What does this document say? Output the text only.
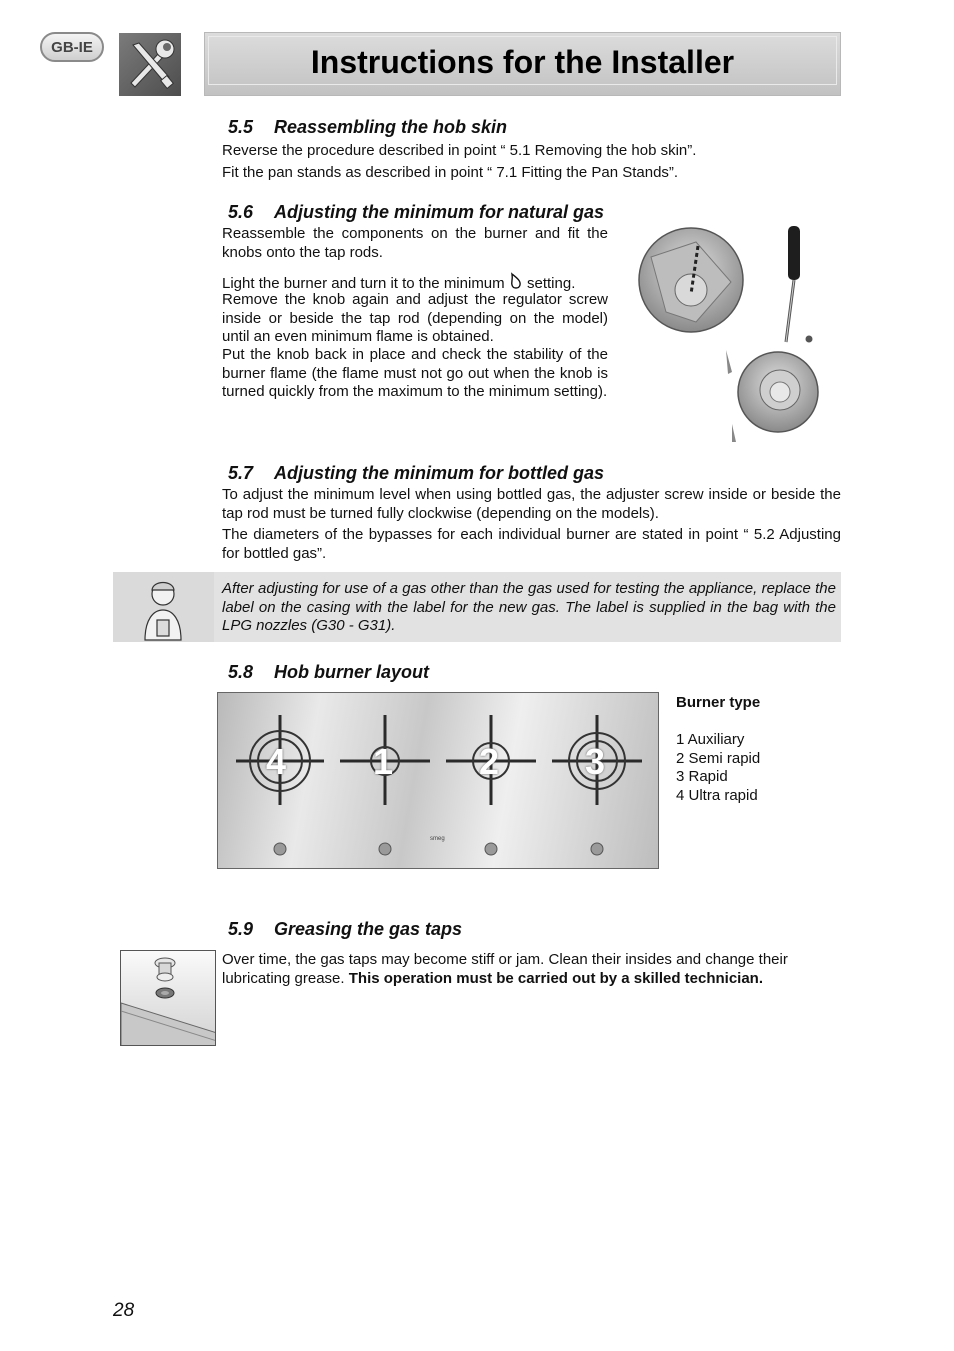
GB-IE	Instructions for the Installer
5.5 Reassembling the hob skin
Reverse the procedure described in point “ 5.1 Removing the hob skin”.
Fit the pan stands as described in point “ 7.1 Fitting the Pan Stands”.
5.6 Adjusting the minimum for natural gas
Reassemble the components on the burner and fit the knobs onto the tap rods.
Light the burner and turn it to the minimum setting.
Remove the knob again and adjust the regulator screw inside or beside the tap rod (depending on the model) until an even minimum flame is obtained.
Put the knob back in place and check the stability of the burner flame (the flame must not go out when the knob is turned quickly from the maximum to the minimum setting).
5.7 Adjusting the minimum for bottled gas
To adjust the minimum level when using bottled gas, the adjuster screw inside or beside the tap rod must be turned fully clockwise (depending on the models).
The diameters of the bypasses for each individual burner are stated in point “ 5.2 Adjusting for bottled gas”.
After adjusting for use of a gas other than the gas used for testing the appliance, replace the label on the casing with the label for the new gas. The label is supplied in the bag with the LPG nozzles (G30 - G31).
5.8 Hob burner layout
4 1 2 3
smeg
Burner type
1 Auxiliary
2 Semi rapid
3 Rapid
4 Ultra rapid
5.9 Greasing the gas taps
Over time, the gas taps may become stiff or jam. Clean their insides and change their lubricating grease. This operation must be carried out by a skilled technician.
28
